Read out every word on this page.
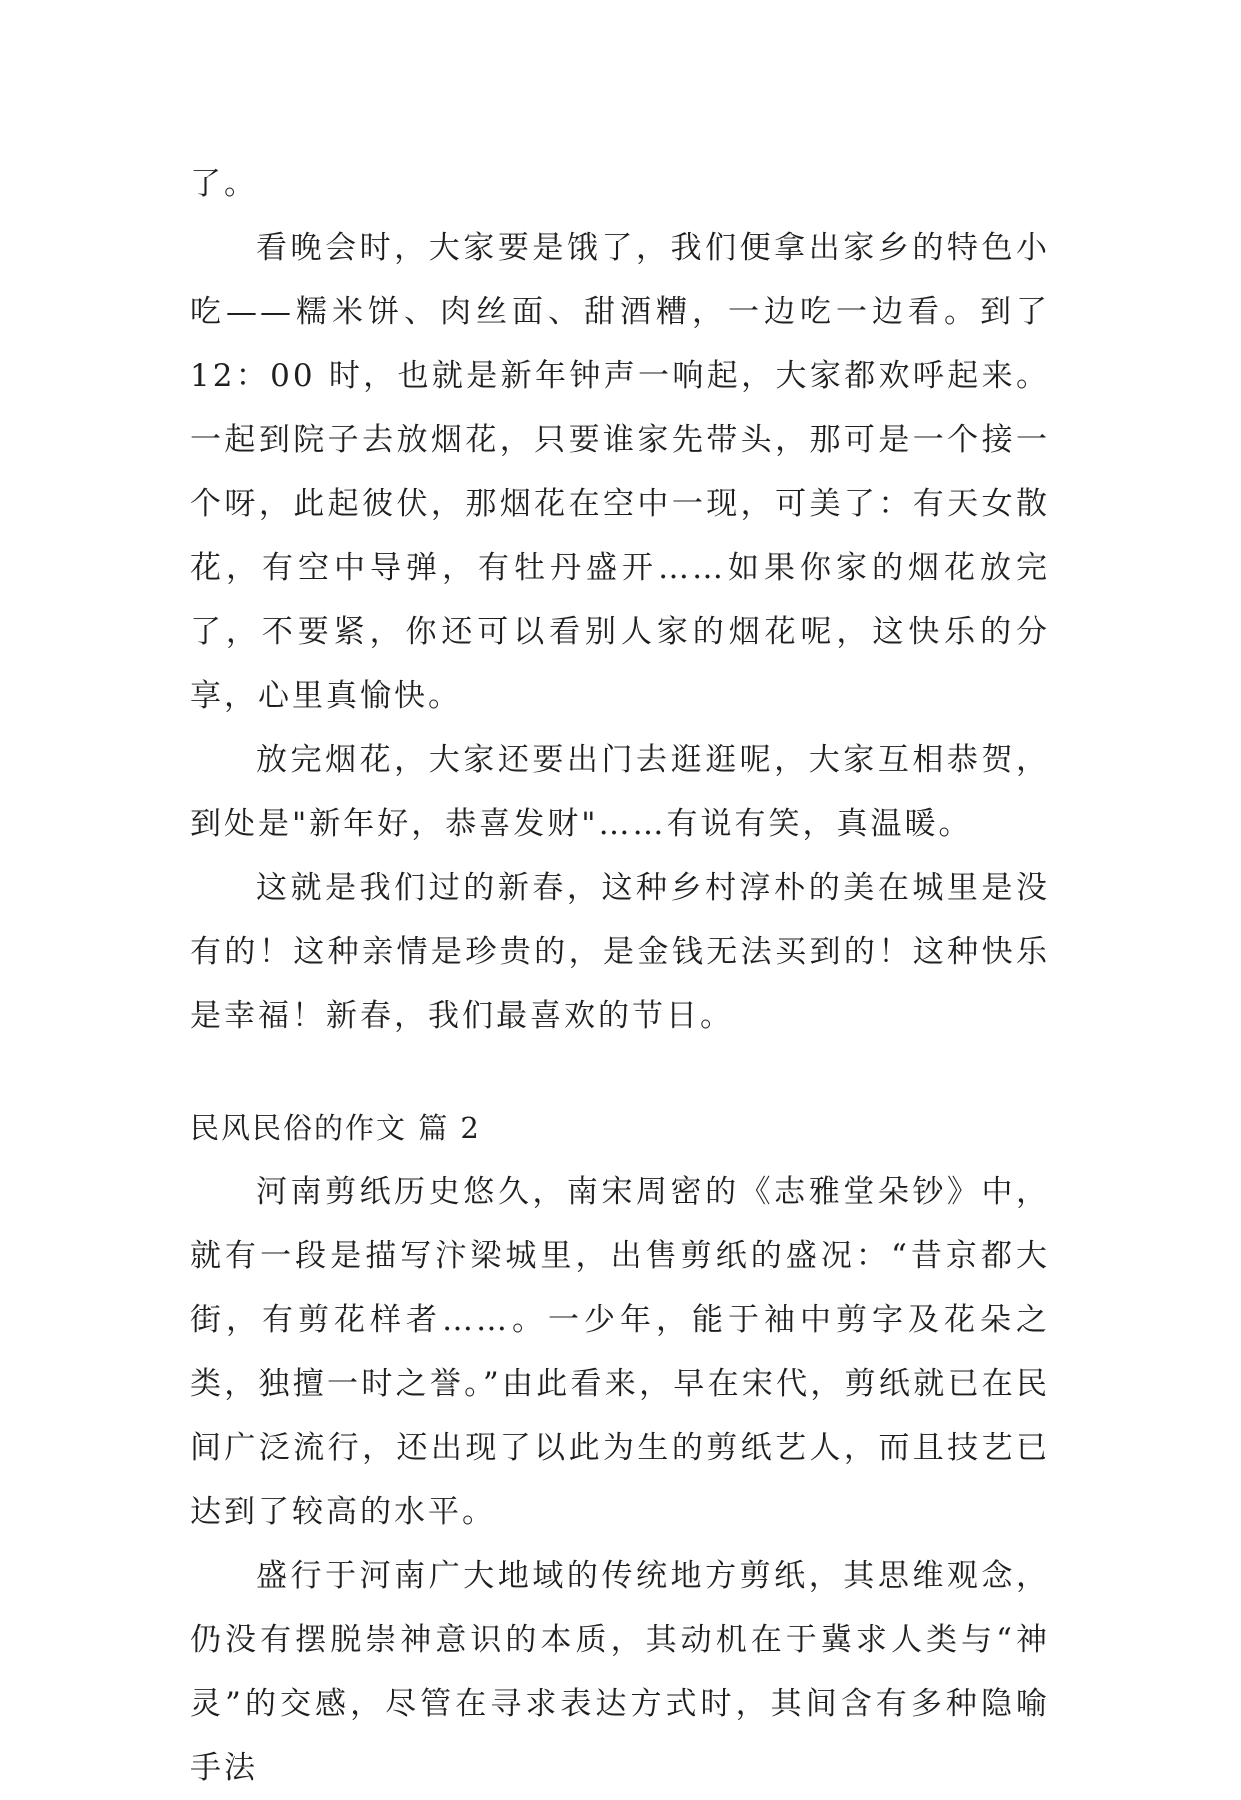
了。

看晚会时，大家要是饿了，我们便拿出家乡的特色小吃——糯米饼、肉丝面、甜酒糟，一边吃一边看。到了 12：00 时，也就是新年钟声一响起，大家都欢呼起来。一起到院子去放烟花，只要谁家先带头，那可是一个接一个呀，此起彼伏，那烟花在空中一现，可美了：有天女散花，有空中导弹，有牡丹盛开……如果你家的烟花放完了，不要紧，你还可以看别人家的烟花呢，这快乐的分享，心里真愉快。

放完烟花，大家还要出门去逛逛呢，大家互相恭贺，到处是"新年好，恭喜发财"……有说有笑，真温暖。

这就是我们过的新春，这种乡村淳朴的美在城里是没有的！这种亲情是珍贵的，是金钱无法买到的！这种快乐是幸福！新春，我们最喜欢的节日。

民风民俗的作文 篇 2

河南剪纸历史悠久，南宋周密的《志雅堂朵钞》中，就有一段是描写汴梁城里，出售剪纸的盛况：“昔京都大街，有剪花样者……。一少年，能于袖中剪字及花朵之类，独擅一时之誉。”由此看来，早在宋代，剪纸就已在民间广泛流行，还出现了以此为生的剪纸艺人，而且技艺已达到了较高的水平。

盛行于河南广大地域的传统地方剪纸，其思维观念，仍没有摆脱崇神意识的本质，其动机在于冀求人类与“神灵”的交感，尽管在寻求表达方式时，其间含有多种隐喻手法
